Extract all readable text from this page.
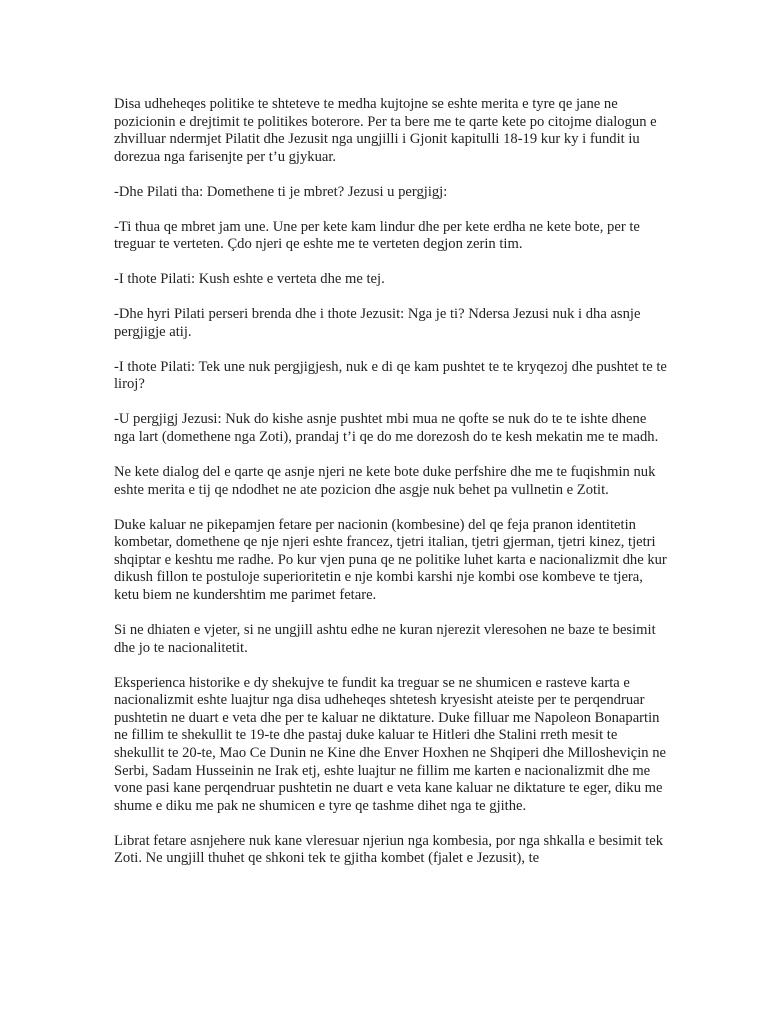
Disa udheheqes politike te shteteve te medha kujtojne se eshte merita e tyre qe jane ne pozicionin e drejtimit te politikes boterore. Per ta bere me te qarte kete po citojme dialogun e zhvilluar ndermjet Pilatit dhe Jezusit nga ungjilli i Gjonit kapitulli 18-19 kur ky i fundit iu dorezua nga farisenjte per t’u gjykuar.

-Dhe Pilati tha: Domethene ti je mbret? Jezusi u pergjigj:

-Ti thua qe mbret jam une. Une per kete kam lindur dhe per kete erdha ne kete bote, per te treguar te verteten. Çdo njeri qe eshte me te verteten degjon zerin tim.

-I thote Pilati: Kush eshte e verteta dhe me tej.

-Dhe hyri Pilati perseri brenda dhe i thote Jezusit: Nga je ti? Ndersa Jezusi nuk i dha asnje pergjigje atij.

-I thote Pilati: Tek une nuk pergjigjesh, nuk e di qe kam pushtet te te kryqezoj dhe pushtet te te liroj?

-U pergjigj Jezusi: Nuk do kishe asnje pushtet mbi mua ne qofte se nuk do te te ishte dhene nga lart (domethene nga Zoti), prandaj t’i qe do me dorezosh do te kesh mekatin me te madh.

Ne kete dialog del e qarte qe asnje njeri ne kete bote duke perfshire dhe me te fuqishmin nuk eshte merita e tij qe ndodhet ne ate pozicion dhe asgje nuk behet pa vullnetin e Zotit.

Duke kaluar ne pikepamjen fetare per nacionin (kombesine) del qe feja pranon identitetin kombetar, domethene qe nje njeri eshte francez, tjetri italian, tjetri gjerman, tjetri kinez, tjetri shqiptar e keshtu me radhe. Po kur vjen puna qe ne politike luhet karta e nacionalizmit dhe kur dikush fillon te postuloje superioritetin e nje kombi karshi nje kombi ose kombeve te tjera, ketu biem ne kundershtim me parimet fetare.

Si ne dhiaten e vjeter, si ne ungjill ashtu edhe ne kuran njerezit vleresohen ne baze te besimit dhe jo te nacionalitetit.

Eksperienca historike e dy shekujve te fundit ka treguar se ne shumicen e rasteve karta e nacionalizmit eshte luajtur nga disa udheheqes shtetesh kryesisht ateiste per te perqendruar pushtetin ne duart e veta dhe per te kaluar ne diktature. Duke filluar me Napoleon Bonapartin ne fillim te shekullit te 19-te dhe pastaj duke kaluar te Hitleri dhe Stalini rreth mesit te shekullit te 20-te, Mao Ce Dunin ne Kine dhe Enver Hoxhen ne Shqiperi dhe Millosheviçin ne Serbi, Sadam Husseinin ne Irak etj, eshte luajtur ne fillim me karten e nacionalizmit dhe me vone pasi kane perqendruar pushtetin ne duart e veta kane kaluar ne diktature te eger, diku me shume e diku me pak ne shumicen e tyre qe tashme dihet nga te gjithe.

Librat fetare asnjehere nuk kane vleresuar njeriun nga kombesia, por nga shkalla e besimit tek Zoti. Ne ungjill thuhet qe shkoni tek te gjitha kombet (fjalet e Jezusit), te
